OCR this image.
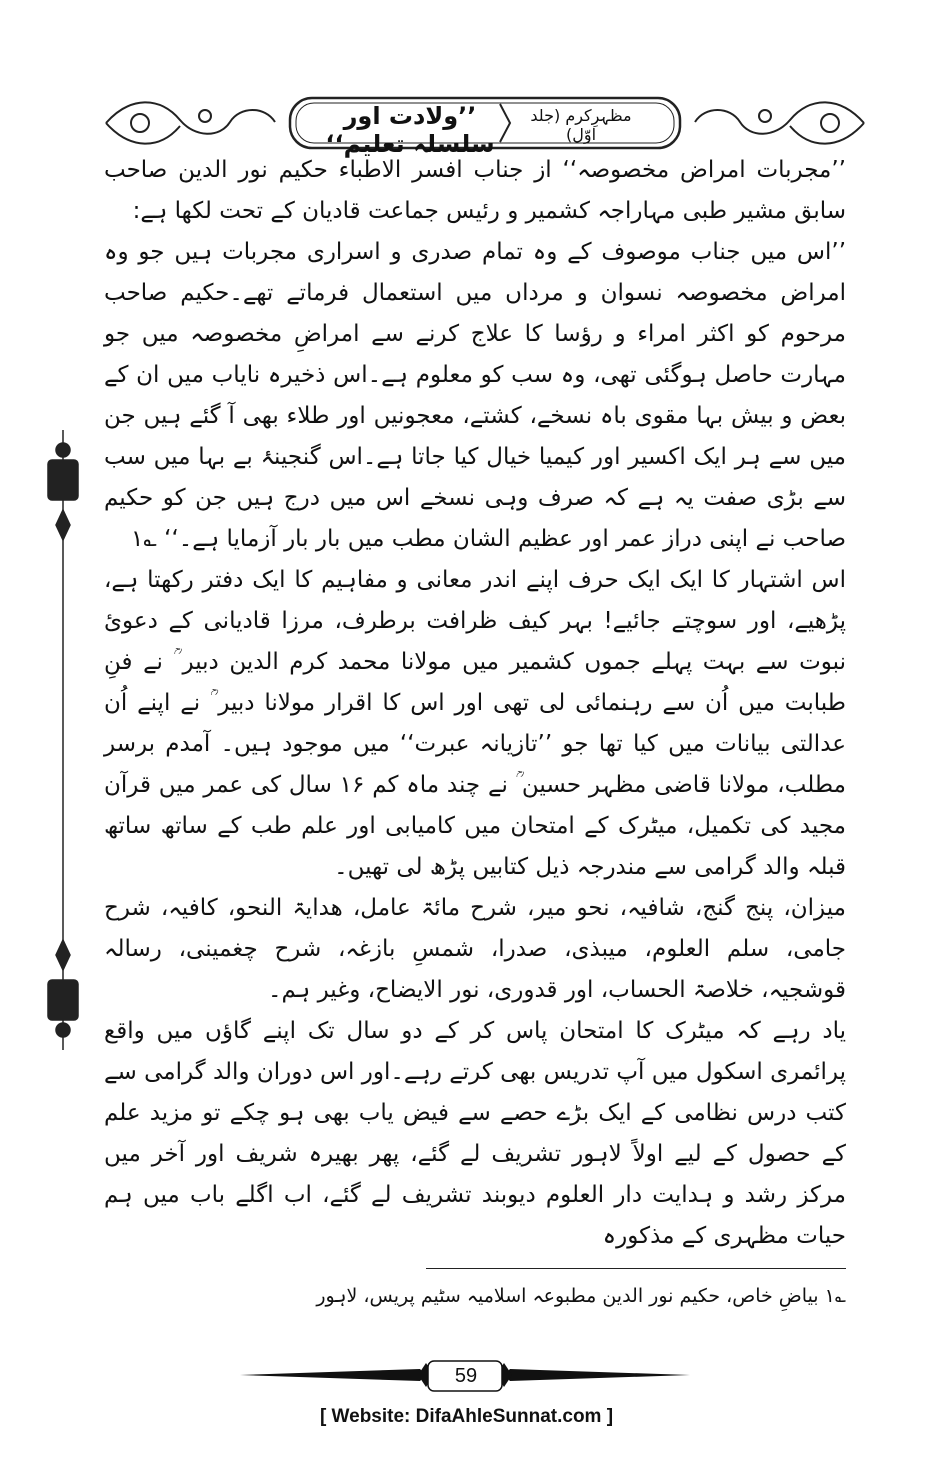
’’ولادت اور سلسلہ تعلیم‘‘
مظہرِکرم (جلد اوّل)

’’مجربات امراض مخصوصہ‘‘ از جناب افسر الاطباء حکیم نور الدین صاحب سابق مشیر طبی مہاراجہ کشمیر و رئیس جماعت قادیان کے تحت لکھا ہے:

’’اس میں جناب موصوف کے وہ تمام صدری و اسراری مجربات ہیں جو وہ امراض مخصوصہ نسوان و مرداں میں استعمال فرماتے تھے۔حکیم صاحب مرحوم کو اکثر امراء و رؤسا کا علاج کرنے سے امراضِ مخصوصہ میں جو مہارت حاصل ہوگئی تھی، وہ سب کو معلوم ہے۔اس ذخیرہ نایاب میں ان کے بعض و بیش بہا مقوی باہ نسخے، کشتے، معجونیں اور طلاء بھی آ گئے ہیں جن میں سے ہر ایک اکسیر اور کیمیا خیال کیا جاتا ہے۔اس گنجینۂ بے بہا میں سب سے بڑی صفت یہ ہے کہ صرف وہی نسخے اس میں درج ہیں جن کو حکیم صاحب نے اپنی دراز عمر اور عظیم الشان مطب میں بار بار آزمایا ہے۔‘‘ ؎۱

اس اشتہار کا ایک ایک حرف اپنے اندر معانی و مفاہیم کا ایک دفتر رکھتا ہے، پڑھیے، اور سوچتے جائیے! بہر کیف ظرافت برطرف، مرزا قادیانی کے دعویٔ نبوت سے بہت پہلے جموں کشمیر میں مولانا محمد کرم الدین دبیر ؒ نے فنِ طبابت میں اُن سے رہنمائی لی تھی اور اس کا اقرار مولانا دبیر ؒ نے اپنے اُن عدالتی بیانات میں کیا تھا جو ’’تازیانہ عبرت‘‘ میں موجود ہیں۔ آمدم برسر مطلب، مولانا قاضی مظہر حسین ؒ نے چند ماہ کم ۱۶ سال کی عمر میں قرآن مجید کی تکمیل، میٹرک کے امتحان میں کامیابی اور علم طب کے ساتھ ساتھ قبلہ والد گرامی سے مندرجہ ذیل کتابیں پڑھ لی تھیں۔

میزان، پنج گنج، شافیہ، نحو میر، شرح مائۃ عامل، ھدایۃ النحو، کافیہ، شرح جامی، سلم العلوم، میبذی، صدرا، شمسِ بازغہ، شرح چغمینی، رسالہ قوشجیہ، خلاصۃ الحساب، اور قدوری، نور الایضاح، وغیر ہم۔

یاد رہے کہ میٹرک کا امتحان پاس کر کے دو سال تک اپنے گاؤں میں واقع پرائمری اسکول میں آپ تدریس بھی کرتے رہے۔اور اس دوران والد گرامی سے کتب درس نظامی کے ایک بڑے حصے سے فیض یاب بھی ہو چکے تو مزید علم کے حصول کے لیے اولاً لاہور تشریف لے گئے، پھر بھیرہ شریف اور آخر میں مرکز رشد و ہدایت دار العلوم دیوبند تشریف لے گئے، اب اگلے باب میں ہم حیات مظہری کے مذکورہ

؎۱ بیاضِ خاص، حکیم نور الدین مطبوعہ اسلامیہ سٹیم پریس، لاہور
59
[ Website: DifaAhleSunnat.com ]
